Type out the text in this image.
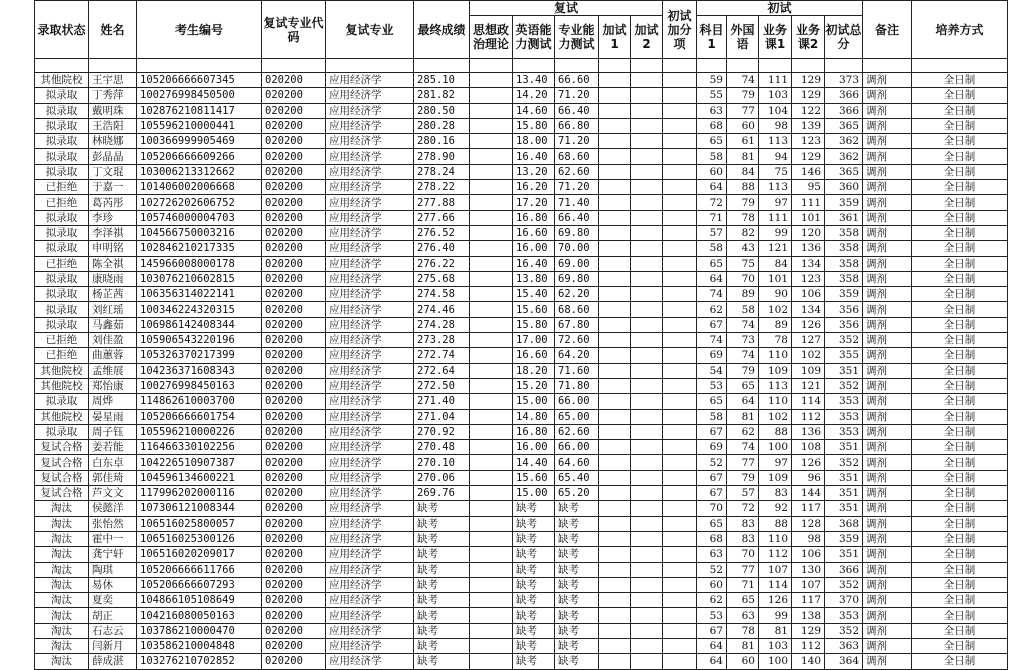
录取状态	姓名	考生编号	复试专业代码	复试专业	最终成绩	复试					初试加分项	初试					备注	培养方式
						思想政治理论	英语能力测试	专业能力测试	加试1	加试2		科目1	外国语	业务课1	业务课2	初试总分		

其他院校	王宇思	105206666607345	020200	应用经济学	285.10		13.40	66.60				59	74	111	129	373	调剂	全日制
拟录取	丁秀萍	100276998450500	020200	应用经济学	281.82		14.20	71.20				55	79	103	129	366	调剂	全日制
拟录取	戴明珠	102876210811417	020200	应用经济学	280.50		14.60	66.40				63	77	104	122	366	调剂	全日制
拟录取	王浩阳	105596210000441	020200	应用经济学	280.28		15.80	66.80				68	60	98	139	365	调剂	全日制
拟录取	林晓娜	100366999905469	020200	应用经济学	280.16		18.00	71.20				65	61	113	123	362	调剂	全日制
拟录取	彭晶晶	105206666609266	020200	应用经济学	278.90		16.40	68.60				58	81	94	129	362	调剂	全日制
拟录取	丁文琨	103006213312662	020200	应用经济学	278.24		13.20	62.60				60	84	75	146	365	调剂	全日制
已拒绝	于嘉一	101406002006668	020200	应用经济学	278.22		16.20	71.20				64	88	113	95	360	调剂	全日制
已拒绝	葛芮彤	102726202606752	020200	应用经济学	277.88		17.20	71.40				72	79	97	111	359	调剂	全日制
拟录取	李珍	105746000004703	020200	应用经济学	277.66		16.80	66.40				71	78	111	101	361	调剂	全日制
拟录取	李泽祺	104566750003216	020200	应用经济学	276.52		16.60	69.80				57	82	99	120	358	调剂	全日制
拟录取	申明铭	102846210217335	020200	应用经济学	276.40		16.00	70.00				58	43	121	136	358	调剂	全日制
已拒绝	陈全祺	145966008000178	020200	应用经济学	276.22		16.40	69.00				65	75	84	134	358	调剂	全日制
拟录取	康晓雨	103076210602815	020200	应用经济学	275.68		13.80	69.80				64	70	101	123	358	调剂	全日制
拟录取	杨芷茜	106356314022141	020200	应用经济学	274.58		15.40	62.20				74	89	90	106	359	调剂	全日制
拟录取	刘红瑶	100346224320315	020200	应用经济学	274.46		15.60	68.60				62	58	102	134	356	调剂	全日制
拟录取	马鑫茹	106986142408344	020200	应用经济学	274.28		15.80	67.80				67	74	89	126	356	调剂	全日制
已拒绝	刘佳盈	105906543220196	020200	应用经济学	273.28		17.00	72.60				74	73	78	127	352	调剂	全日制
已拒绝	曲蕙蓉	105326370217399	020200	应用经济学	272.74		16.60	64.20				69	74	110	102	355	调剂	全日制
其他院校	孟维展	104236371608343	020200	应用经济学	272.64		18.20	71.60				54	79	109	109	351	调剂	全日制
其他院校	郑怡康	100276998450163	020200	应用经济学	272.50		15.20	71.80				53	65	113	121	352	调剂	全日制
拟录取	周烨	114862610003700	020200	应用经济学	271.40		15.00	66.00				65	64	110	114	353	调剂	全日制
其他院校	晏星雨	105206666601754	020200	应用经济学	271.04		14.80	65.00				58	81	102	112	353	调剂	全日制
拟录取	周子钰	105596210000226	020200	应用经济学	270.92		16.80	62.60				67	62	88	136	353	调剂	全日制
复试合格	姜若能	116466330102256	020200	应用经济学	270.48		16.00	66.00				69	74	100	108	351	调剂	全日制
复试合格	白东卓	104226510907387	020200	应用经济学	270.10		14.40	64.60				52	77	97	126	352	调剂	全日制
复试合格	郭佳琦	104596134600221	020200	应用经济学	270.06		15.60	65.40				67	79	109	96	351	调剂	全日制
复试合格	芦文文	117996202000116	020200	应用经济学	269.76		15.00	65.20				67	57	83	144	351	调剂	全日制
淘汰	侯懿洋	107306121008344	020200	应用经济学	缺考		缺考	缺考				70	72	92	117	351	调剂	全日制
淘汰	张怡然	106516025800057	020200	应用经济学	缺考		缺考	缺考				65	83	88	128	368	调剂	全日制
淘汰	霍中一	106516025300126	020200	应用经济学	缺考		缺考	缺考				68	83	110	98	359	调剂	全日制
淘汰	龚宁轩	106516020209017	020200	应用经济学	缺考		缺考	缺考				63	70	112	106	351	调剂	全日制
淘汰	陶琪	105206666611766	020200	应用经济学	缺考		缺考	缺考				52	77	107	130	366	调剂	全日制
淘汰	易休	105206666607293	020200	应用经济学	缺考		缺考	缺考				60	71	114	107	352	调剂	全日制
淘汰	夏奕	104866105108649	020200	应用经济学	缺考		缺考	缺考				62	65	126	117	370	调剂	全日制
淘汰	胡正	104216080050163	020200	应用经济学	缺考		缺考	缺考				53	63	99	138	353	调剂	全日制
淘汰	石志云	103786210000470	020200	应用经济学	缺考		缺考	缺考				67	78	81	129	352	调剂	全日制
淘汰	闫新月	103586210004848	020200	应用经济学	缺考		缺考	缺考				64	81	103	112	363	调剂	全日制
淘汰	薛成湛	103276210702852	020200	应用经济学	缺考		缺考	缺考				64	60	100	140	364	调剂	全日制
